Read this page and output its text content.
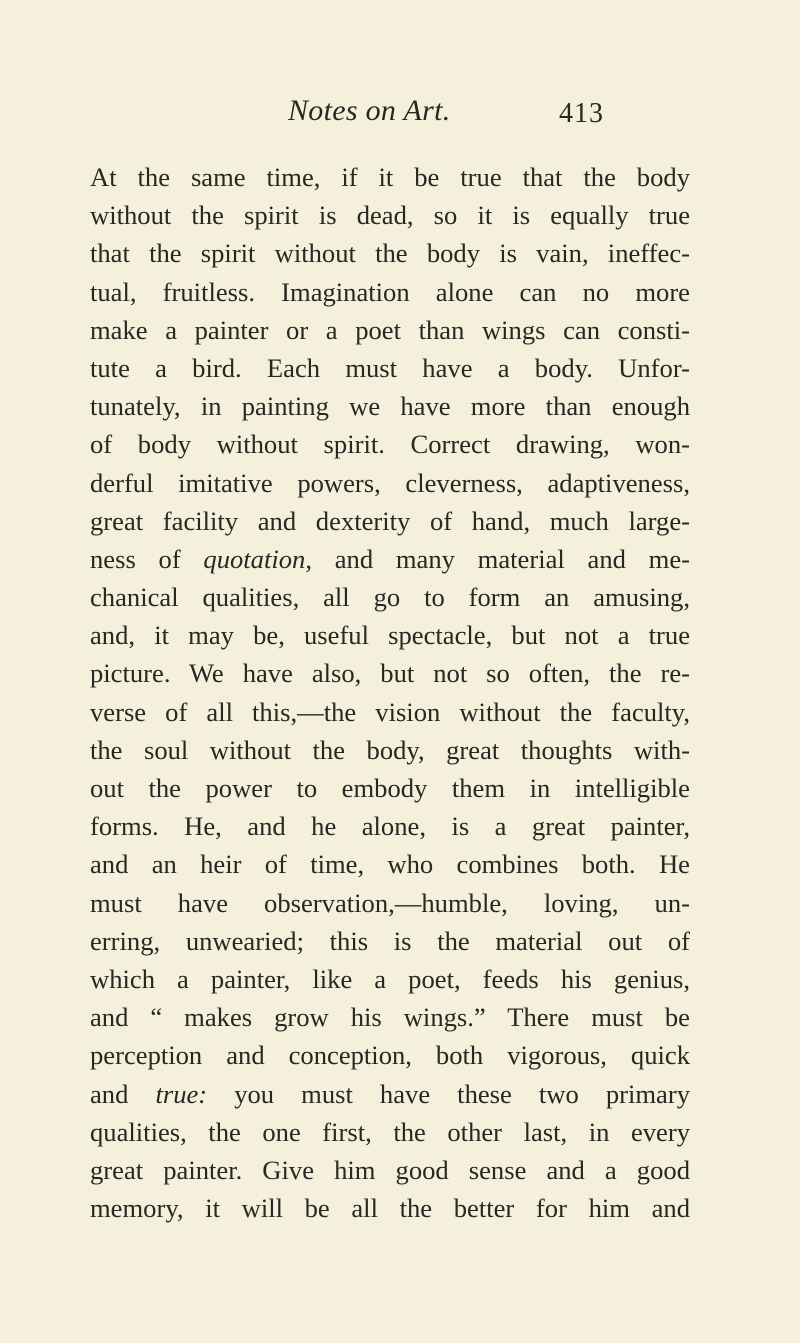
Notes on Art.	413
At the same time, if it be true that the body
without the spirit is dead, so it is equally true
that the spirit without the body is vain, ineffec-
tual, fruitless. Imagination alone can no more
make a painter or a poet than wings can consti-
tute a bird. Each must have a body. Unfor-
tunately, in painting we have more than enough
of body without spirit. Correct drawing, won-
derful imitative powers, cleverness, adaptiveness,
great facility and dexterity of hand, much large-
ness of quotation, and many material and me-
chanical qualities, all go to form an amusing,
and, it may be, useful spectacle, but not a true
picture. We have also, but not so often, the re-
verse of all this,—the vision without the faculty,
the soul without the body, great thoughts with-
out the power to embody them in intelligible
forms. He, and he alone, is a great painter,
and an heir of time, who combines both. He
must have observation,—humble, loving, un-
erring, unwearied; this is the material out of
which a painter, like a poet, feeds his genius,
and “ makes grow his wings.” There must be
perception and conception, both vigorous, quick
and true: you must have these two primary
qualities, the one first, the other last, in every
great painter. Give him good sense and a good
memory, it will be all the better for him and
